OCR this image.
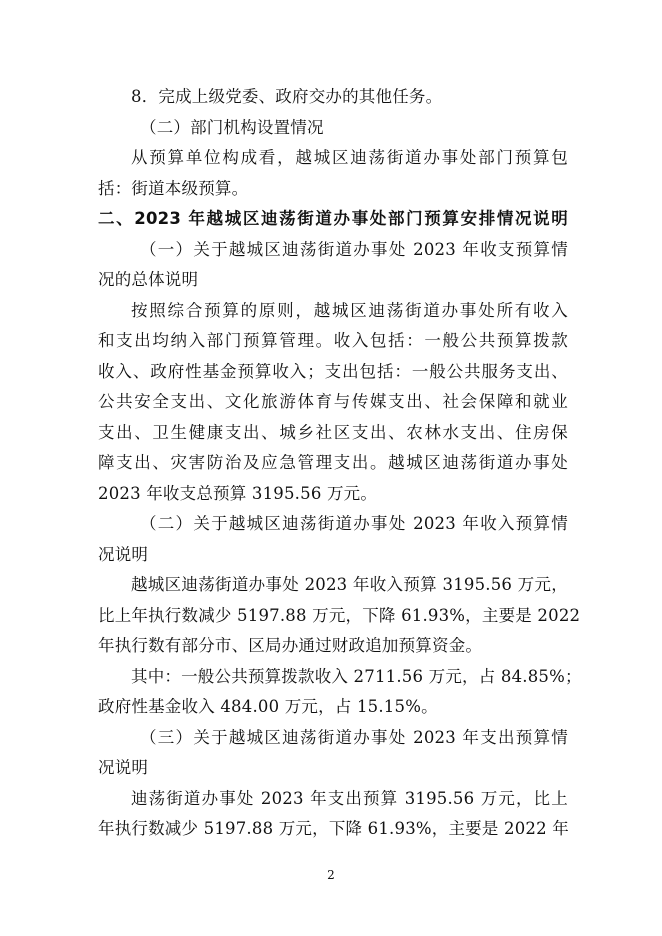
8．完成上级党委、政府交办的其他任务。
（二）部门机构设置情况
从预算单位构成看，越城区迪荡街道办事处部门预算包
括：街道本级预算。
二、2023 年越城区迪荡街道办事处部门预算安排情况说明
（一）关于越城区迪荡街道办事处 2023 年收支预算情
况的总体说明
按照综合预算的原则，越城区迪荡街道办事处所有收入
和支出均纳入部门预算管理。收入包括：一般公共预算拨款
收入、政府性基金预算收入；支出包括：一般公共服务支出、
公共安全支出、文化旅游体育与传媒支出、社会保障和就业
支出、卫生健康支出、城乡社区支出、农林水支出、住房保
障支出、灾害防治及应急管理支出。越城区迪荡街道办事处
2023 年收支总预算 3195.56 万元。
（二）关于越城区迪荡街道办事处 2023 年收入预算情
况说明
越城区迪荡街道办事处 2023 年收入预算 3195.56 万元，
比上年执行数减少 5197.88 万元，下降 61.93%，主要是 2022
年执行数有部分市、区局办通过财政追加预算资金。
其中：一般公共预算拨款收入 2711.56 万元，占 84.85%；
政府性基金收入 484.00 万元，占 15.15%。
（三）关于越城区迪荡街道办事处 2023 年支出预算情
况说明
迪荡街道办事处 2023 年支出预算 3195.56 万元，比上
年执行数减少 5197.88 万元，下降 61.93%，主要是 2022 年
2
